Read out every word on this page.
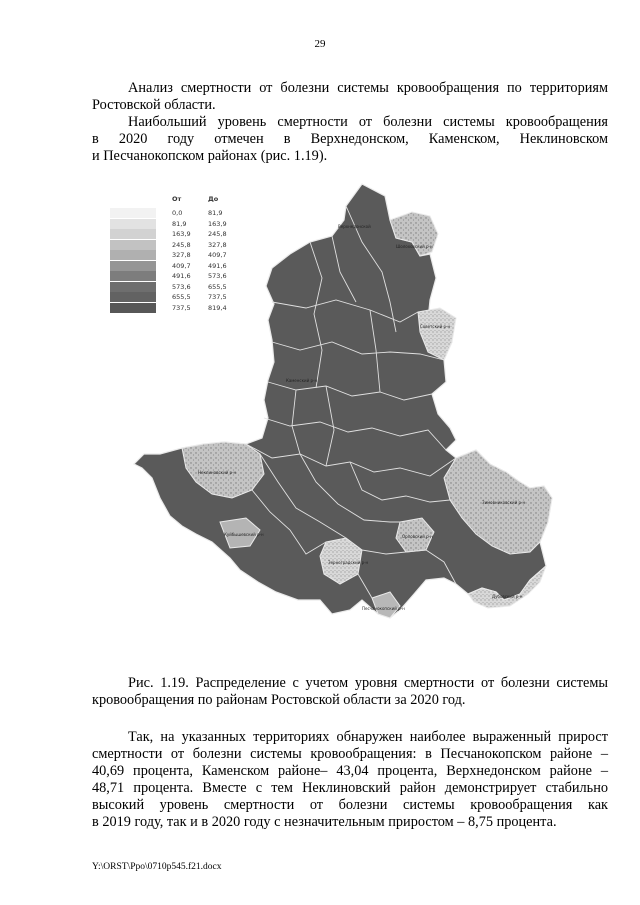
29
Анализ смертности от болезни системы кровообращения по территориям
Ростовской области.
Наибольший уровень смертности от болезни системы кровообращения
в 2020 году отмечен в Верхнедонском, Каменском, Неклиновском
и Песчанокопском районах (рис. 1.19).
Верхнедонской
Шолоховский р-н
Советский р-н
Каменский р-н
Зимовниковский р-н
Дубовский р-н
Неклиновский р-н
Куйбышевский р-н
Зерноградский р-н
Орловский р-н
Песчанокопский р-н
От	До
0,0	81,9
81,9	163,9
163,9	245,8
245,8	327,8
327,8	409,7
409,7	491,6
491,6	573,6
573,6	655,5
655,5	737,5
737,5	819,4
Рис. 1.19. Распределение с учетом уровня смертности от болезни системы
кровообращения по районам Ростовской области за 2020 год.
Так, на указанных территориях обнаружен наиболее выраженный прирост
смертности от болезни системы кровообращения: в Песчанокопском районе –
40,69 процента, Каменском районе– 43,04 процента, Верхнедонском районе –
48,71 процента. Вместе с тем Неклиновский район демонстрирует стабильно
высокий уровень смертности от болезни системы кровообращения как
в 2019 году, так и в 2020 году с незначительным приростом – 8,75 процента.
Y:\ORST\Ppo\0710p545.f21.docx
